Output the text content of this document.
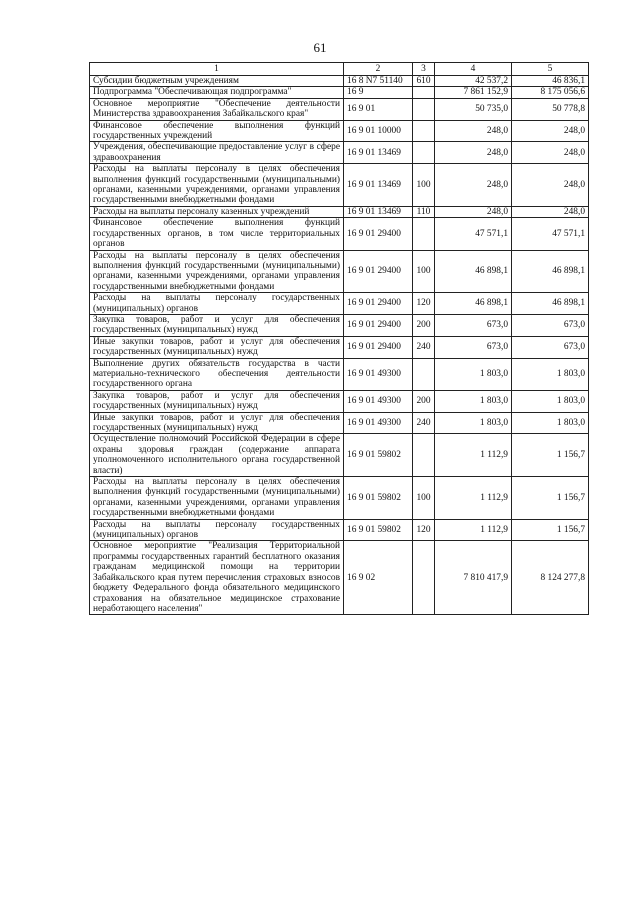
61
1	2	3	4	5
Субсидии бюджетным учреждениям	16 8 N7 51140	610	42 537,2	46 836,1
Подпрограмма "Обеспечивающая подпрограмма"	16 9		7 861 152,9	8 175 056,6
Основное мероприятие "Обеспечение деятельности Министерства здравоохранения Забайкальского края"	16 9 01		50 735,0	50 778,8
Финансовое обеспечение выполнения функций государственных учреждений	16 9 01 10000		248,0	248,0
Учреждения, обеспечивающие предоставление услуг в сфере здравоохранения	16 9 01 13469		248,0	248,0
Расходы на выплаты персоналу в целях обеспечения выполнения функций государственными (муниципальными) органами, казенными учреждениями, органами управления государственными внебюджетными фондами	16 9 01 13469	100	248,0	248,0
Расходы на выплаты персоналу казенных учреждений	16 9 01 13469	110	248,0	248,0
Финансовое обеспечение выполнения функций государственных органов, в том числе территориальных органов	16 9 01 29400		47 571,1	47 571,1
Расходы на выплаты персоналу в целях обеспечения выполнения функций государственными (муниципальными) органами, казенными учреждениями, органами управления государственными внебюджетными фондами	16 9 01 29400	100	46 898,1	46 898,1
Расходы на выплаты персоналу государственных (муниципальных) органов	16 9 01 29400	120	46 898,1	46 898,1
Закупка товаров, работ и услуг для обеспечения государственных (муниципальных) нужд	16 9 01 29400	200	673,0	673,0
Иные закупки товаров, работ и услуг для обеспечения государственных (муниципальных) нужд	16 9 01 29400	240	673,0	673,0
Выполнение других обязательств государства в части материально-технического обеспечения деятельности государственного органа	16 9 01 49300		1 803,0	1 803,0
Закупка товаров, работ и услуг для обеспечения государственных (муниципальных) нужд	16 9 01 49300	200	1 803,0	1 803,0
Иные закупки товаров, работ и услуг для обеспечения государственных (муниципальных) нужд	16 9 01 49300	240	1 803,0	1 803,0
Осуществление полномочий Российской Федерации в сфере охраны здоровья граждан (содержание аппарата уполномоченного исполнительного органа государственной власти)	16 9 01 59802		1 112,9	1 156,7
Расходы на выплаты персоналу в целях обеспечения выполнения функций государственными (муниципальными) органами, казенными учреждениями, органами управления государственными внебюджетными фондами	16 9 01 59802	100	1 112,9	1 156,7
Расходы на выплаты персоналу государственных (муниципальных) органов	16 9 01 59802	120	1 112,9	1 156,7
Основное мероприятие "Реализация Территориальной программы государственных гарантий бесплатного оказания гражданам медицинской помощи на территории Забайкальского края путем перечисления страховых взносов бюджету Федерального фонда обязательного медицинского страхования на обязательное медицинское страхование неработающего населения"	16 9 02		7 810 417,9	8 124 277,8
